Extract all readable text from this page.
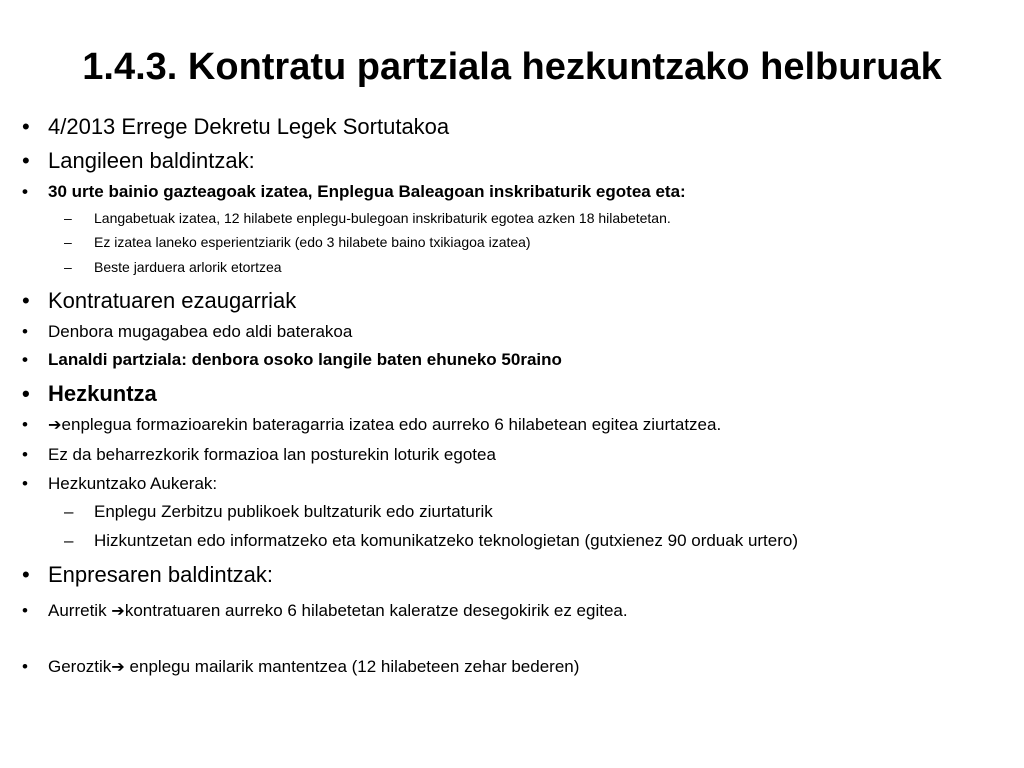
1.4.3. Kontratu partziala hezkuntzako helburuak
• 4/2013 Errege Dekretu Legek Sortutakoa
• Langileen baldintzak:
• 30 urte bainio gazteagoak izatea, Enplegua Baleagoan inskribaturik egotea eta:
– Langabetuak izatea, 12 hilabete enplegu-bulegoan inskribaturik egotea azken 18 hilabetetan.
– Ez izatea laneko esperientziarik (edo 3 hilabete baino txikiagoa izatea)
– Beste jarduera arlorik etortzea
• Kontratuaren ezaugarriak
• Denbora mugagabea edo aldi baterakoa
• Lanaldi partziala: denbora osoko langile baten ehuneko 50raino
• Hezkuntza
• ➔enplegua formazioarekin bateragarria izatea edo aurreko 6 hilabetean egitea ziurtatzea.
• Ez da beharrezkorik formazioa lan posturekin loturik egotea
• Hezkuntzako Aukerak:
– Enplegu Zerbitzu publikoek bultzaturik edo ziurtaturik
– Hizkuntzetan edo informatzeko eta komunikatzeko teknologietan (gutxienez 90 orduak urtero)
• Enpresaren baldintzak:
• Aurretik ➔kontratuaren aurreko 6 hilabetetan kaleratze desegokirik ez egitea.
• Geroztik➔ enplegu mailarik mantentzea (12 hilabeteen zehar bederen)
